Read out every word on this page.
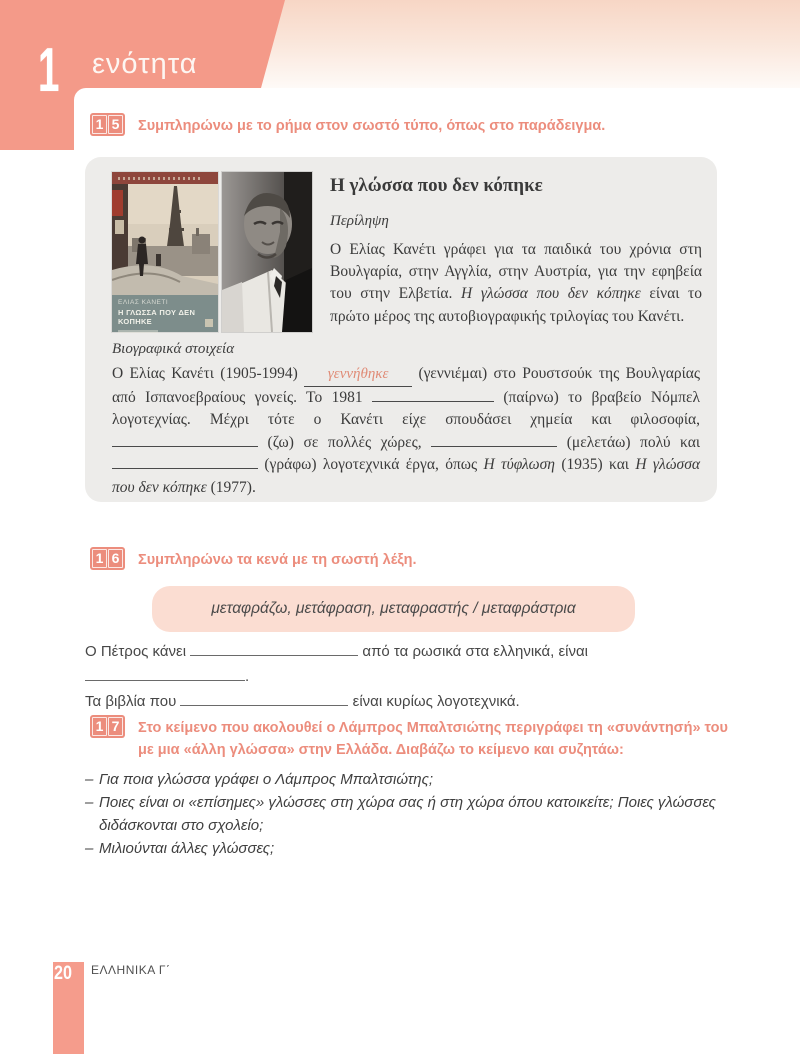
1 ενότητα
1 5 Συμπληρώνω με το ρήμα στον σωστό τύπο, όπως στο παράδειγμα.
ΕΛΙΑΣ ΚΑΝΕΤΙ
Η ΓΛΩΣΣΑ ΠΟΥ ΔΕΝ ΚΟΠΗΚΕ
Η γλώσσα που δεν κόπηκε
Περίληψη

Ο Ελίας Κανέτι γράφει για τα παιδικά του χρόνια στη Βουλγαρία, στην Αγγλία, στην Αυστρία, για την εφηβεία του στην Ελβετία. Η γλώσσα που δεν κόπηκε είναι το πρώτο μέρος της αυτοβιογραφικής τριλογίας του Κανέτι.

Βιογραφικά στοιχεία

Ο Ελίας Κανέτι (1905-1994) γεννήθηκε (γεννιέμαι) στο Ρουστσούκ της Βουλγαρίας από Ισπανοεβραίους γονείς. Το 1981	(παίρνω) το βραβείο Νόμπελ λογοτεχνίας. Μέχρι τότε ο Κανέτι είχε σπουδάσει χημεία και φιλοσοφία,  (ζω) σε πολλές χώρες,	(μελετάω) πολύ και  (γράφω) λογοτεχνικά έργα, όπως Η τύφλωση (1935) και Η γλώσσα που δεν κόπηκε (1977).

1 6 Συμπληρώνω τα κενά με τη σωστή λέξη.
μεταφράζω, μετάφραση, μεταφραστής / μεταφράστρια
Ο Πέτρος κάνει	από τα ρωσικά στα ελληνικά, είναι .
Τα βιβλία που	είναι κυρίως λογοτεχνικά.
1 7 Στο κείμενο που ακολουθεί ο Λάμπρος Μπαλτσιώτης περιγράφει τη «συνάντησή» του με μια «άλλη γλώσσα» στην Ελλάδα. Διαβάζω το κείμενο και συζητάω:
– Για ποια γλώσσα γράφει ο Λάμπρος Μπαλτσιώτης;
– Ποιες είναι οι «επίσημες» γλώσσες στη χώρα σας ή στη χώρα όπου κατοικείτε; Ποιες γλώσσες διδάσκονται στο σχολείο;
– Μιλιούνται άλλες γλώσσες;
20 ΕΛΛΗΝΙΚΑ Γ΄
